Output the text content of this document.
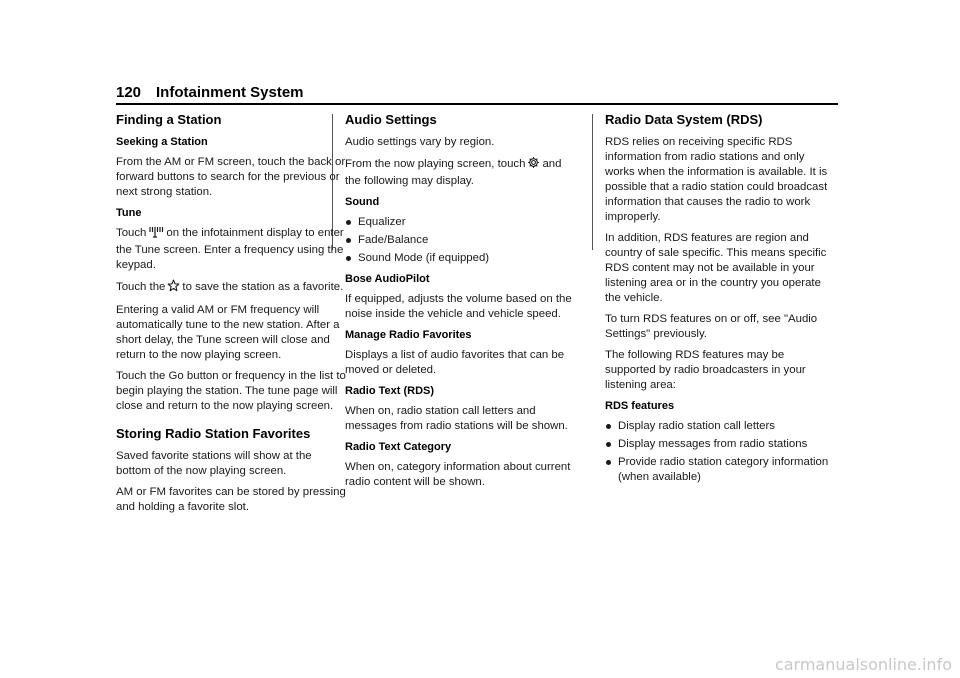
120 Infotainment System
Finding a Station
Seeking a Station

From the AM or FM screen, touch the back or forward buttons to search for the previous or next strong station.

Tune

Touch on the infotainment display to enter the Tune screen. Enter a frequency using the keypad.

Touch the to save the station as a favorite.

Entering a valid AM or FM frequency will automatically tune to the new station. After a short delay, the Tune screen will close and return to the now playing screen.

Touch the Go button or frequency in the list to begin playing the station. The tune page will close and return to the now playing screen.

Storing Radio Station Favorites

Saved favorite stations will show at the bottom of the now playing screen.

AM or FM favorites can be stored by pressing and holding a favorite slot.

Audio Settings

Audio settings vary by region.

From the now playing screen, touch and the following may display.

Sound
Equalizer
Fade/Balance
Sound Mode (if equipped)
Bose AudioPilot

If equipped, adjusts the volume based on the noise inside the vehicle and vehicle speed.

Manage Radio Favorites

Displays a list of audio favorites that can be moved or deleted.

Radio Text (RDS)

When on, radio station call letters and messages from radio stations will be shown.

Radio Text Category

When on, category information about current radio content will be shown.

Radio Data System (RDS)

RDS relies on receiving specific RDS information from radio stations and only works when the information is available. It is possible that a radio station could broadcast information that causes the radio to work improperly.

In addition, RDS features are region and country of sale specific. This means specific RDS content may not be available in your listening area or in the country you operate the vehicle.

To turn RDS features on or off, see "Audio Settings" previously.

The following RDS features may be supported by radio broadcasters in your listening area:

RDS features
Display radio station call letters
Display messages from radio stations
Provide radio station category information (when available)
carmanualsonline.info
